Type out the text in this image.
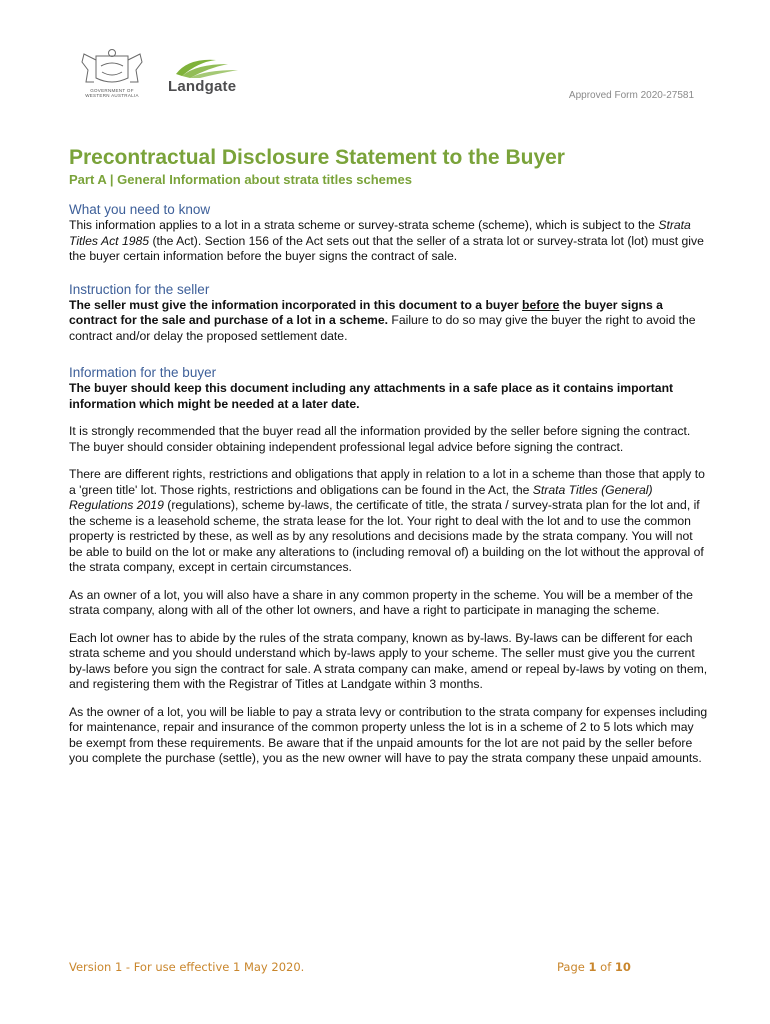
GOVERNMENT OF
WESTERN AUSTRALIA
Landgate
Approved Form 2020-27581
Precontractual Disclosure Statement to the Buyer
Part A | General Information about strata titles schemes
What you need to know

This information applies to a lot in a strata scheme or survey-strata scheme (scheme), which is subject to the Strata Titles Act 1985 (the Act). Section 156 of the Act sets out that the seller of a strata lot or survey-strata lot (lot) must give the buyer certain information before the buyer signs the contract of sale.

Instruction for the seller

The seller must give the information incorporated in this document to a buyer before the buyer signs a contract for the sale and purchase of a lot in a scheme. Failure to do so may give the buyer the right to avoid the contract and/or delay the proposed settlement date.

Information for the buyer

The buyer should keep this document including any attachments in a safe place as it contains important information which might be needed at a later date.

It is strongly recommended that the buyer read all the information provided by the seller before signing the contract. The buyer should consider obtaining independent professional legal advice before signing the contract.

There are different rights, restrictions and obligations that apply in relation to a lot in a scheme than those that apply to a 'green title' lot. Those rights, restrictions and obligations can be found in the Act, the Strata Titles (General) Regulations 2019 (regulations), scheme by-laws, the certificate of title, the strata / survey-strata plan for the lot and, if the scheme is a leasehold scheme, the strata lease for the lot. Your right to deal with the lot and to use the common property is restricted by these, as well as by any resolutions and decisions made by the strata company. You will not be able to build on the lot or make any alterations to (including removal of) a building on the lot without the approval of the strata company, except in certain circumstances.

As an owner of a lot, you will also have a share in any common property in the scheme. You will be a member of the strata company, along with all of the other lot owners, and have a right to participate in managing the scheme.

Each lot owner has to abide by the rules of the strata company, known as by-laws. By-laws can be different for each strata scheme and you should understand which by-laws apply to your scheme. The seller must give you the current by-laws before you sign the contract for sale. A strata company can make, amend or repeal by-laws by voting on them, and registering them with the Registrar of Titles at Landgate within 3 months.

As the owner of a lot, you will be liable to pay a strata levy or contribution to the strata company for expenses including for maintenance, repair and insurance of the common property unless the lot is in a scheme of 2 to 5 lots which may be exempt from these requirements. Be aware that if the unpaid amounts for the lot are not paid by the seller before you complete the purchase (settle), you as the new owner will have to pay the strata company these unpaid amounts.

Version 1 - For use effective 1 May 2020.	Page 1 of 10
